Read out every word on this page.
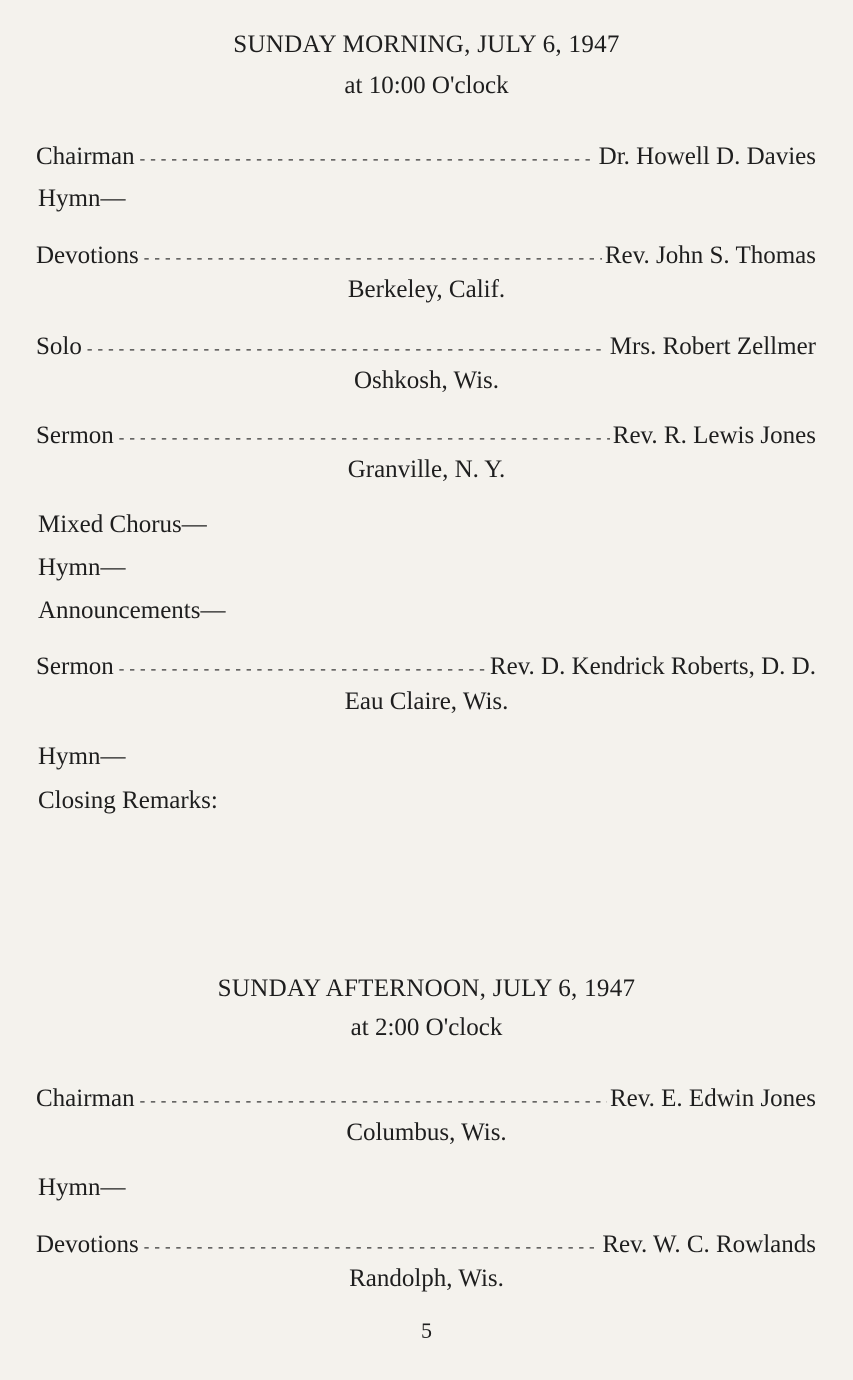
SUNDAY MORNING, JULY 6, 1947
at 10:00 O'clock
Chairman -----	Dr. Howell D. Davies
Hymn—
Devotions -----	Rev. John S. Thomas
Berkeley, Calif.
Solo -----	Mrs. Robert Zellmer
Oshkosh, Wis.
Sermon -----	Rev. R. Lewis Jones
Granville, N. Y.
Mixed Chorus—
Hymn—
Announcements—
Sermon -----	Rev. D. Kendrick Roberts, D. D.
Eau Claire, Wis.
Hymn—
Closing Remarks:
SUNDAY AFTERNOON, JULY 6, 1947
at 2:00 O'clock
Chairman -----	Rev. E. Edwin Jones
Columbus, Wis.
Hymn—
Devotions -----	Rev. W. C. Rowlands
Randolph, Wis.
5
